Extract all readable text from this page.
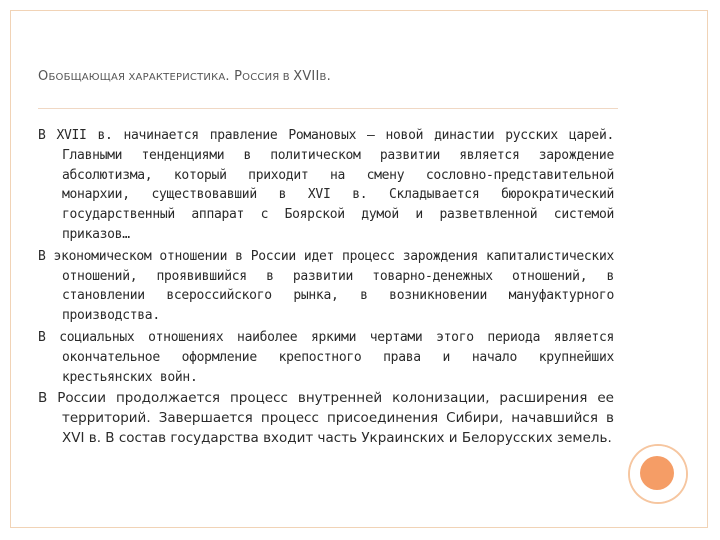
ОБОБЩАЮЩАЯ ХАРАКТЕРИСТИКА. РОССИЯ В XVIIВ.

В XVII в. начинается правление Романовых – новой династии русских царей. Главными тенденциями в политическом развитии является зарождение абсолютизма, который приходит на смену сословно-представительной монархии, существовавший в XVI в. Складывается бюрократический государственный аппарат с Боярской думой и разветвленной системой приказов…

В экономическом отношении в России идет процесс зарождения капиталистических отношений, проявившийся в развитии товарно-денежных отношений, в становлении всероссийского рынка, в возникновении мануфактурного производства.

В социальных отношениях наиболее яркими чертами этого периода является окончательное оформление крепостного права и начало крупнейших крестьянских войн.

В России продолжается процесс внутренней колонизации, расширения ее территорий. Завершается процесс присоединения Сибири, начавшийся в XVI в. В состав государства входит часть Украинских и Белорусских земель.
